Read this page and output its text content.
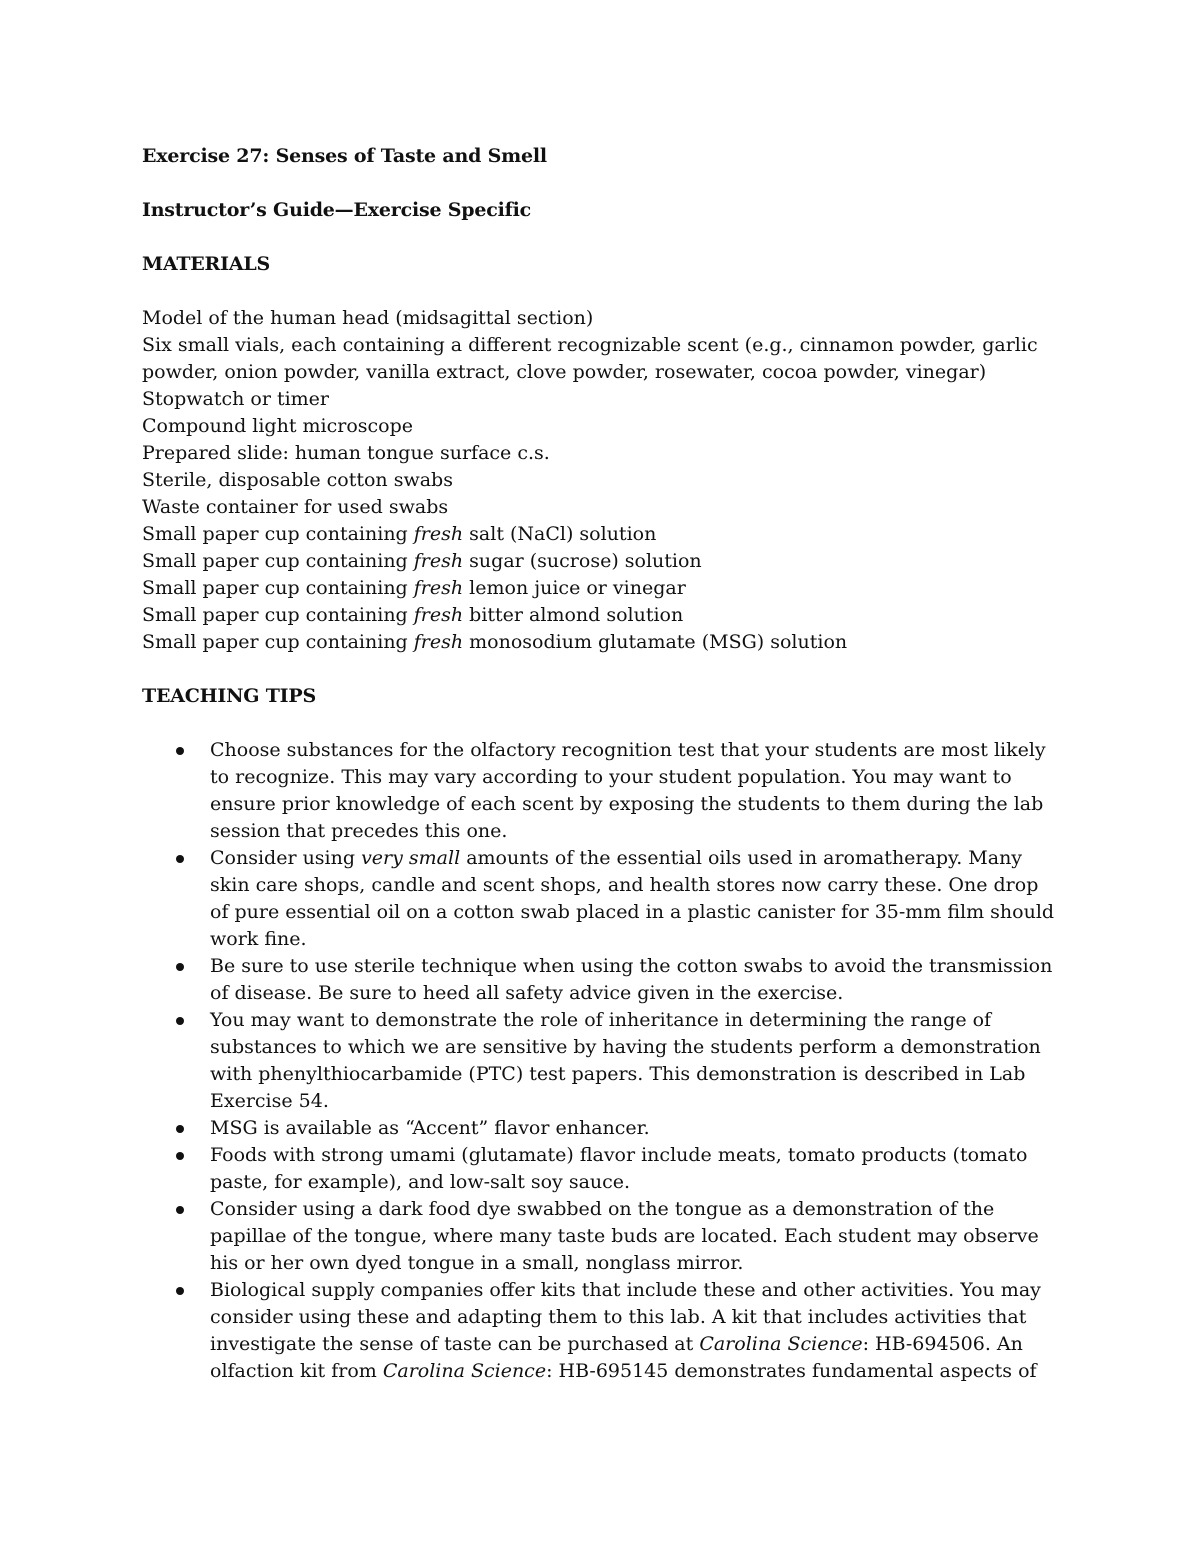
Exercise 27: Senses of Taste and Smell
Instructor’s Guide—Exercise Specific
MATERIALS
Model of the human head (midsagittal section)
Six small vials, each containing a different recognizable scent (e.g., cinnamon powder, garlic powder, onion powder, vanilla extract, clove powder, rosewater, cocoa powder, vinegar)
Stopwatch or timer
Compound light microscope
Prepared slide: human tongue surface c.s.
Sterile, disposable cotton swabs
Waste container for used swabs
Small paper cup containing fresh salt (NaCl) solution
Small paper cup containing fresh sugar (sucrose) solution
Small paper cup containing fresh lemon juice or vinegar
Small paper cup containing fresh bitter almond solution
Small paper cup containing fresh monosodium glutamate (MSG) solution
TEACHING TIPS
Choose substances for the olfactory recognition test that your students are most likely to recognize. This may vary according to your student population. You may want to ensure prior knowledge of each scent by exposing the students to them during the lab session that precedes this one.
Consider using very small amounts of the essential oils used in aromatherapy. Many skin care shops, candle and scent shops, and health stores now carry these. One drop of pure essential oil on a cotton swab placed in a plastic canister for 35-mm film should work fine.
Be sure to use sterile technique when using the cotton swabs to avoid the transmission of disease. Be sure to heed all safety advice given in the exercise.
You may want to demonstrate the role of inheritance in determining the range of substances to which we are sensitive by having the students perform a demonstration with phenylthiocarbamide (PTC) test papers. This demonstration is described in Lab Exercise 54.
MSG is available as “Accent” flavor enhancer.
Foods with strong umami (glutamate) flavor include meats, tomato products (tomato paste, for example), and low-salt soy sauce.
Consider using a dark food dye swabbed on the tongue as a demonstration of the papillae of the tongue, where many taste buds are located. Each student may observe his or her own dyed tongue in a small, nonglass mirror.
Biological supply companies offer kits that include these and other activities. You may consider using these and adapting them to this lab. A kit that includes activities that investigate the sense of taste can be purchased at Carolina Science: HB-694506. An olfaction kit from Carolina Science: HB-695145 demonstrates fundamental aspects of
